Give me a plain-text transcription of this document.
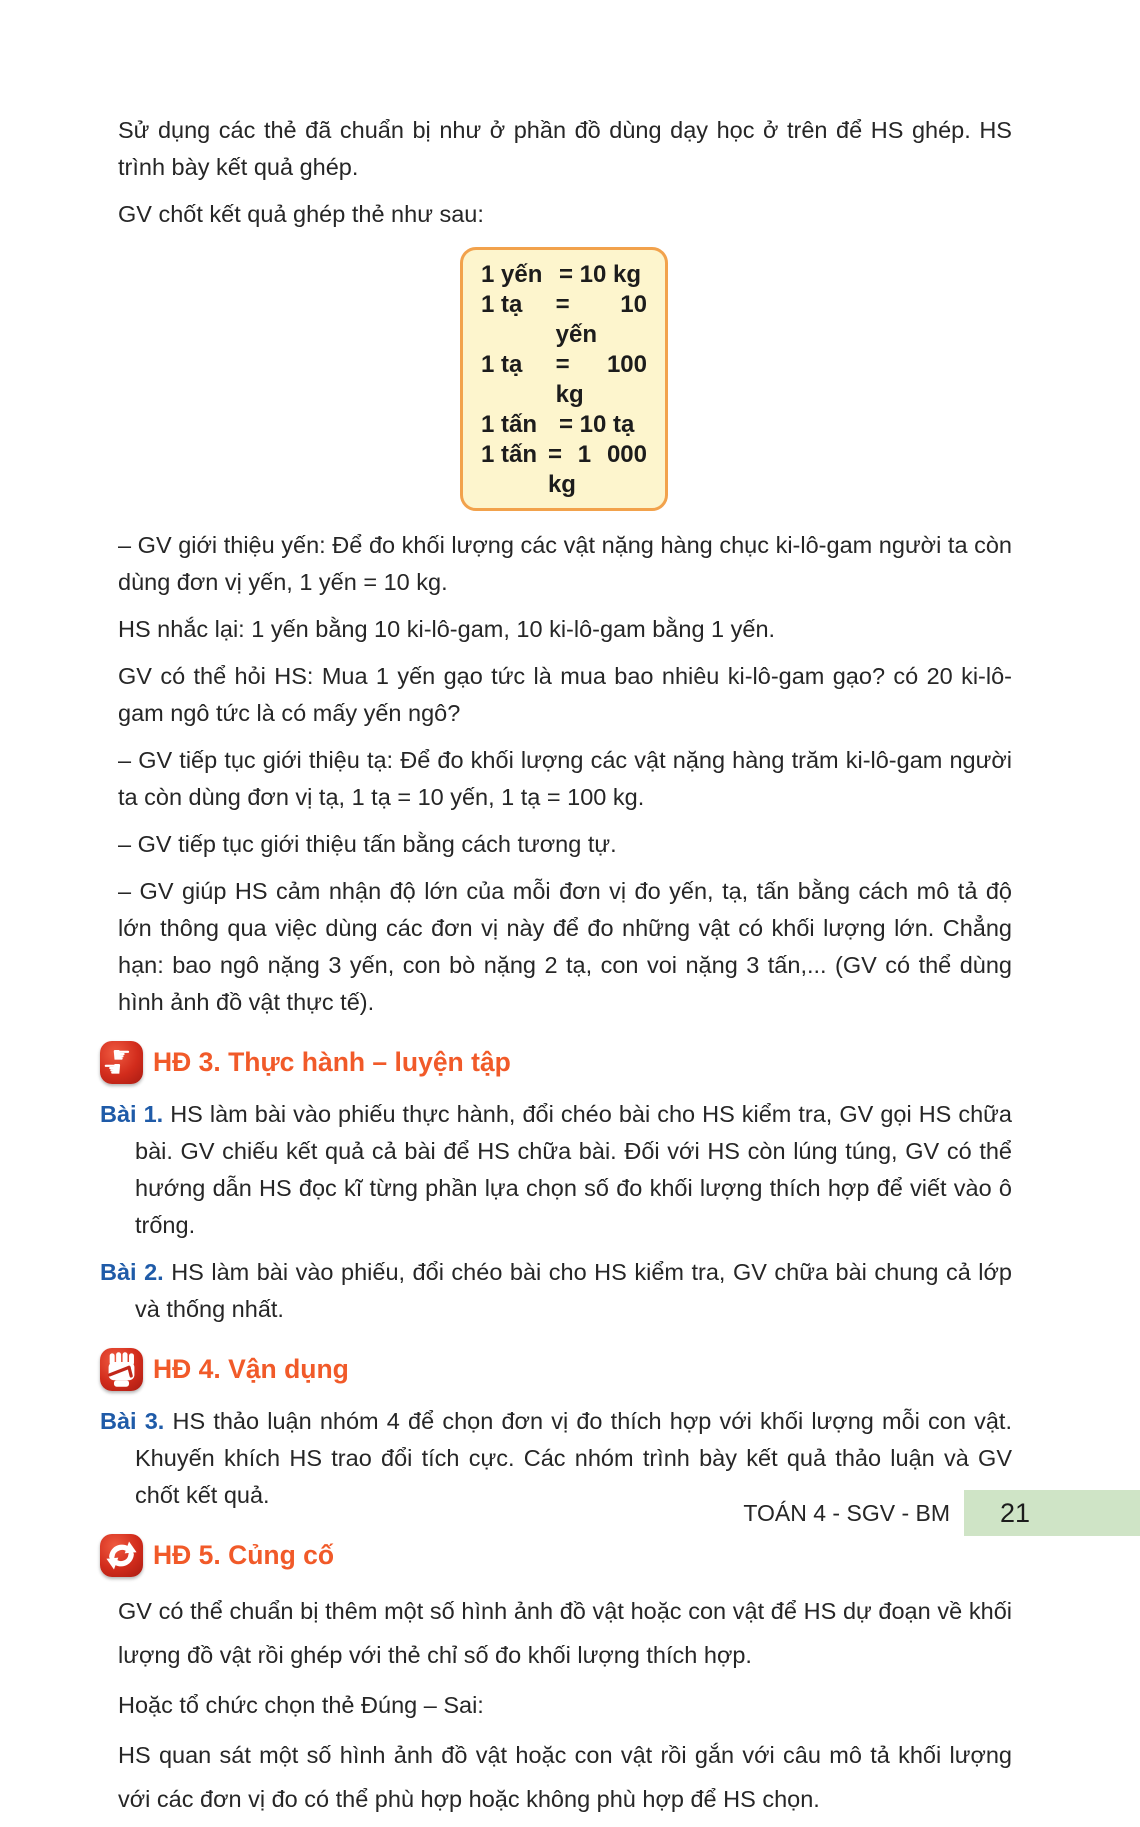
Sử dụng các thẻ đã chuẩn bị như ở phần đồ dùng dạy học ở trên để HS ghép. HS trình bày kết quả ghép.

GV chốt kết quả ghép thẻ như sau:

1 yến = 10 kg
1 tạ	= 10 yến
1 tạ	= 100 kg
1 tấn = 10 tạ
1 tấn = 1 000 kg

– GV giới thiệu yến: Để đo khối lượng các vật nặng hàng chục ki-lô-gam người ta còn dùng đơn vị yến, 1 yến = 10 kg.

HS nhắc lại: 1 yến bằng 10 ki-lô-gam, 10 ki-lô-gam bằng 1 yến.

GV có thể hỏi HS: Mua 1 yến gạo tức là mua bao nhiêu ki-lô-gam gạo? có 20 ki-lô-gam ngô tức là có mấy yến ngô?

– GV tiếp tục giới thiệu tạ: Để đo khối lượng các vật nặng hàng trăm ki-lô-gam người ta còn dùng đơn vị tạ, 1 tạ = 10 yến, 1 tạ = 100 kg.

– GV tiếp tục giới thiệu tấn bằng cách tương tự.

– GV giúp HS cảm nhận độ lớn của mỗi đơn vị đo yến, tạ, tấn bằng cách mô tả độ lớn thông qua việc dùng các đơn vị này để đo những vật có khối lượng lớn. Chẳng hạn: bao ngô nặng 3 yến, con bò nặng 2 tạ, con voi nặng 3 tấn,... (GV có thể dùng hình ảnh đồ vật thực tế).

☛
☚ HĐ 3. Thực hành – luyện tập

Bài 1. HS làm bài vào phiếu thực hành, đổi chéo bài cho HS kiểm tra, GV gọi HS chữa bài. GV chiếu kết quả cả bài để HS chữa bài. Đối với HS còn lúng túng, GV có thể hướng dẫn HS đọc kĩ từng phần lựa chọn số đo khối lượng thích hợp để viết vào ô trống.

Bài 2. HS làm bài vào phiếu, đổi chéo bài cho HS kiểm tra, GV chữa bài chung cả lớp và thống nhất.

HĐ 4. Vận dụng

Bài 3. HS thảo luận nhóm 4 để chọn đơn vị đo thích hợp với khối lượng mỗi con vật. Khuyến khích HS trao đổi tích cực. Các nhóm trình bày kết quả thảo luận và GV chốt kết quả.

HĐ 5. Củng cố

GV có thể chuẩn bị thêm một số hình ảnh đồ vật hoặc con vật để HS dự đoạn về khối lượng đồ vật rồi ghép với thẻ chỉ số đo khối lượng thích hợp.

Hoặc tổ chức chọn thẻ Đúng – Sai:

HS quan sát một số hình ảnh đồ vật hoặc con vật rồi gắn với câu mô tả khối lượng với các đơn vị đo có thể phù hợp hoặc không phù hợp để HS chọn.

TOÁN 4 - SGV - BM	21
